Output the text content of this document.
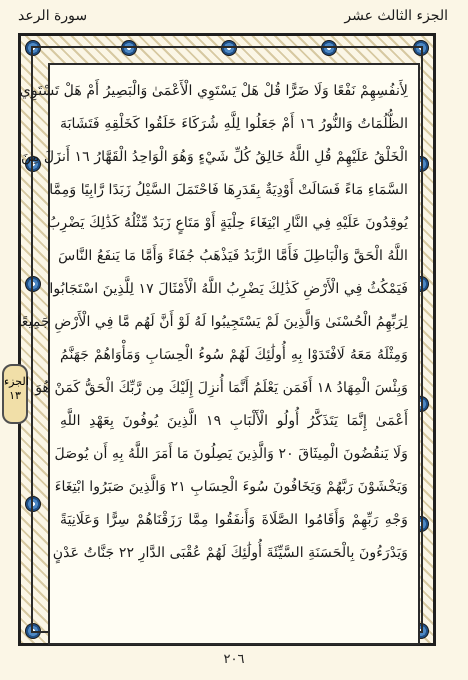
الجزء الثالث عشر
سورة الرعد
لِأَنفُسِهِمْ نَفْعًا وَلَا ضَرًّا قُلْ هَلْ يَسْتَوِي الْأَعْمَىٰ وَالْبَصِيرُ أَمْ هَلْ تَسْتَوِي
الظُّلُمَاتُ وَالنُّورُ ١٦ أَمْ جَعَلُوا لِلَّهِ شُرَكَاءَ خَلَقُوا كَخَلْقِهِ فَتَشَابَهَ
الْخَلْقُ عَلَيْهِمْ قُلِ اللَّهُ خَالِقُ كُلِّ شَيْءٍ وَهُوَ الْوَاحِدُ الْقَهَّارُ ١٦ أَنزَلَ مِنَ
السَّمَاءِ مَاءً فَسَالَتْ أَوْدِيَةٌ بِقَدَرِهَا فَاحْتَمَلَ السَّيْلُ زَبَدًا رَّابِيًا وَمِمَّا
يُوقِدُونَ عَلَيْهِ فِي النَّارِ ابْتِغَاءَ حِلْيَةٍ أَوْ مَتَاعٍ زَبَدٌ مِّثْلُهُ كَذَٰلِكَ يَضْرِبُ
اللَّهُ الْحَقَّ وَالْبَاطِلَ فَأَمَّا الزَّبَدُ فَيَذْهَبُ جُفَاءً وَأَمَّا مَا يَنفَعُ النَّاسَ
فَيَمْكُثُ فِي الْأَرْضِ كَذَٰلِكَ يَضْرِبُ اللَّهُ الْأَمْثَالَ ١٧ لِلَّذِينَ اسْتَجَابُوا
لِرَبِّهِمُ الْحُسْنَىٰ وَالَّذِينَ لَمْ يَسْتَجِيبُوا لَهُ لَوْ أَنَّ لَهُم مَّا فِي الْأَرْضِ جَمِيعًا
وَمِثْلَهُ مَعَهُ لَافْتَدَوْا بِهِ أُولَٰئِكَ لَهُمْ سُوءُ الْحِسَابِ وَمَأْوَاهُمْ جَهَنَّمُ
وَبِئْسَ الْمِهَادُ ١٨ أَفَمَن يَعْلَمُ أَنَّمَا أُنزِلَ إِلَيْكَ مِن رَّبِّكَ الْحَقُّ كَمَنْ هُوَ
أَعْمَىٰ إِنَّمَا يَتَذَكَّرُ أُولُو الْأَلْبَابِ ١٩ الَّذِينَ يُوفُونَ بِعَهْدِ اللَّهِ
وَلَا يَنقُضُونَ الْمِيثَاقَ ٢٠ وَالَّذِينَ يَصِلُونَ مَا أَمَرَ اللَّهُ بِهِ أَن يُوصَلَ
وَيَخْشَوْنَ رَبَّهُمْ وَيَخَافُونَ سُوءَ الْحِسَابِ ٢١ وَالَّذِينَ صَبَرُوا ابْتِغَاءَ
وَجْهِ رَبِّهِمْ وَأَقَامُوا الصَّلَاةَ وَأَنفَقُوا مِمَّا رَزَقْنَاهُمْ سِرًّا وَعَلَانِيَةً
وَيَدْرَءُونَ بِالْحَسَنَةِ السَّيِّئَةَ أُولَٰئِكَ لَهُمْ عُقْبَى الدَّارِ ٢٢ جَنَّاتُ عَدْنٍ
الجزء
١٣
٢٠٦
